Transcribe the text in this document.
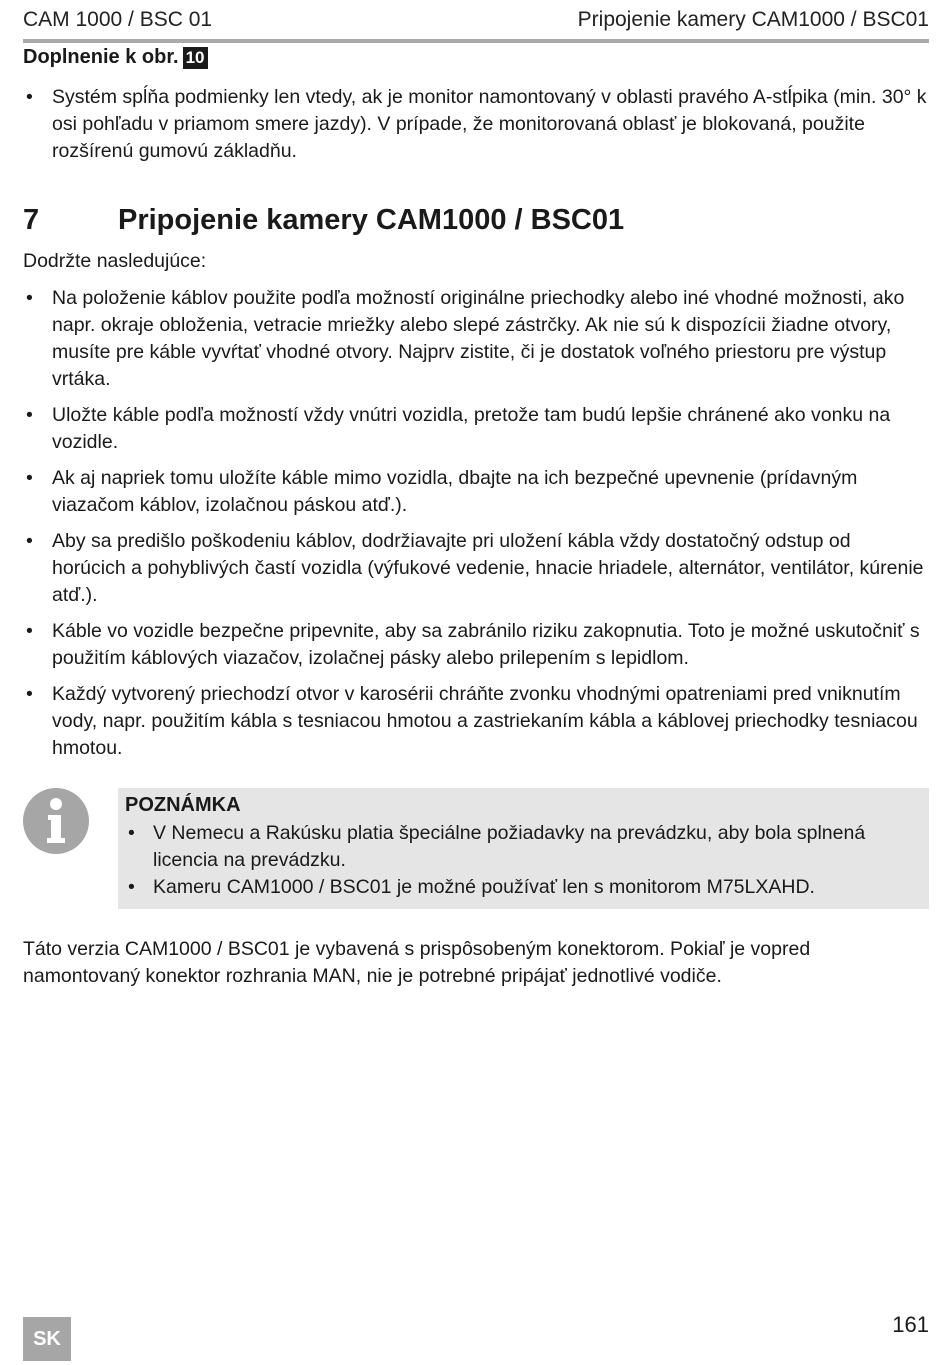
CAM 1000 / BSC 01	Pripojenie kamery CAM1000 / BSC01
Doplnenie k obr. 10
• Systém spĺňa podmienky len vtedy, ak je monitor namontovaný v oblasti pravého A-stĺpika (min. 30° k osi pohľadu v priamom smere jazdy). V prípade, že monitorovaná oblasť je blokovaná, použite rozšírenú gumovú základňu.
7	Pripojenie kamery CAM1000 / BSC01
Dodržte nasledujúce:
• Na položenie káblov použite podľa možností originálne priechodky alebo iné vhodné možnosti, ako napr. okraje obloženia, vetracie mriežky alebo slepé zástrčky. Ak nie sú k dispozícii žiadne otvory, musíte pre káble vyvŕtať vhodné otvory. Najprv zistite, či je dostatok voľného priestoru pre výstup vrtáka.
• Uložte káble podľa možností vždy vnútri vozidla, pretože tam budú lepšie chránené ako vonku na vozidle.
• Ak aj napriek tomu uložíte káble mimo vozidla, dbajte na ich bezpečné upevnenie (prídavným viazačom káblov, izolačnou páskou atď.).
• Aby sa predišlo poškodeniu káblov, dodržiavajte pri uložení kábla vždy dostatočný odstup od horúcich a pohyblivých častí vozidla (výfukové vedenie, hnacie hriadele, alternátor, ventilátor, kúrenie atď.).
• Káble vo vozidle bezpečne pripevnite, aby sa zabránilo riziku zakopnutia. Toto je možné uskutočniť s použitím káblových viazačov, izolačnej pásky alebo prilepením s lepidlom.
• Každý vytvorený priechodzí otvor v karosérii chráňte zvonku vhodnými opatreniami pred vniknutím vody, napr. použitím kábla s tesniacou hmotou a zastriekaním kábla a káblovej priechodky tesniacou hmotou.
POZNÁMKA
• V Nemecu a Rakúsku platia špeciálne požiadavky na prevádzku, aby bola splnená licencia na prevádzku.
• Kameru CAM1000 / BSC01 je možné používať len s monitorom M75LXAHD.

Táto verzia CAM1000 / BSC01 je vybavená s prispôsobeným konektorom. Pokiaľ je vopred namontovaný konektor rozhrania MAN, nie je potrebné pripájať jednotlivé vodiče.

SK
161
